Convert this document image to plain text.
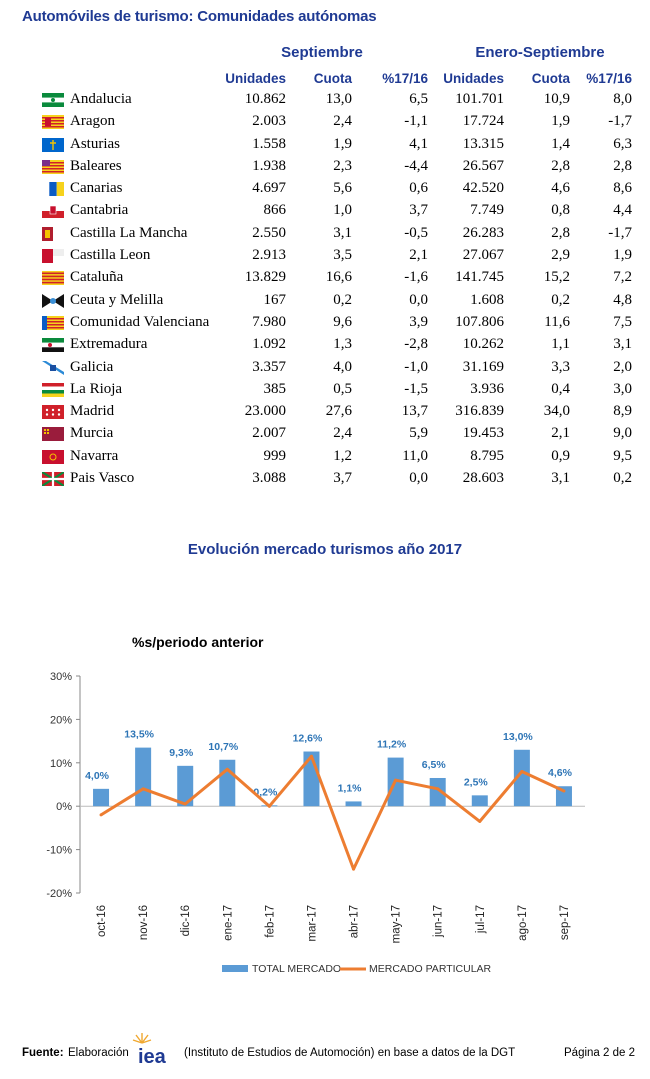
Automóviles de turismo: Comunidades autónomas
Septiembre	Enero-Septiembre
Unidades	Cuota	%17/16	Unidades	Cuota	%17/16
Andalucia	10.862	13,0	6,5	101.701	10,9	8,0
Aragon	2.003	2,4	-1,1	17.724	1,9	-1,7
Asturias	1.558	1,9	4,1	13.315	1,4	6,3
Baleares	1.938	2,3	-4,4	26.567	2,8	2,8
Canarias	4.697	5,6	0,6	42.520	4,6	8,6
Cantabria	866	1,0	3,7	7.749	0,8	4,4
Castilla La Mancha	2.550	3,1	-0,5	26.283	2,8	-1,7
Castilla Leon	2.913	3,5	2,1	27.067	2,9	1,9
Cataluña	13.829	16,6	-1,6	141.745	15,2	7,2
Ceuta y Melilla	167	0,2	0,0	1.608	0,2	4,8
Comunidad Valenciana	7.980	9,6	3,9	107.806	11,6	7,5
Extremadura	1.092	1,3	-2,8	10.262	1,1	3,1
Galicia	3.357	4,0	-1,0	31.169	3,3	2,0
La Rioja	385	0,5	-1,5	3.936	0,4	3,0
Madrid	23.000	27,6	13,7	316.839	34,0	8,9
Murcia	2.007	2,4	5,9	19.453	2,1	9,0
Navarra	999	1,2	11,0	8.795	0,9	9,5
Pais Vasco	3.088	3,7	0,0	28.603	3,1	0,2
Evolución mercado turismos año 2017
%s/periodo anterior
-20%
-10%
0%
10%
20%
30%
4,0%
13,5%
9,3%
10,7%
0,2%
12,6%
1,1%
11,2%
6,5%
2,5%
13,0%
4,6%
oct-16	nov-16	dic-16	ene-17	feb-17	mar-17	abr-17	may-17	jun-17	jul-17	ago-17	sep-17
TOTAL MERCADO	MERCADO PARTICULAR
Fuente: Elaboración	(Instituto de Estudios de Automoción) en base a datos de la DGT	Página 2 de 2
iea
